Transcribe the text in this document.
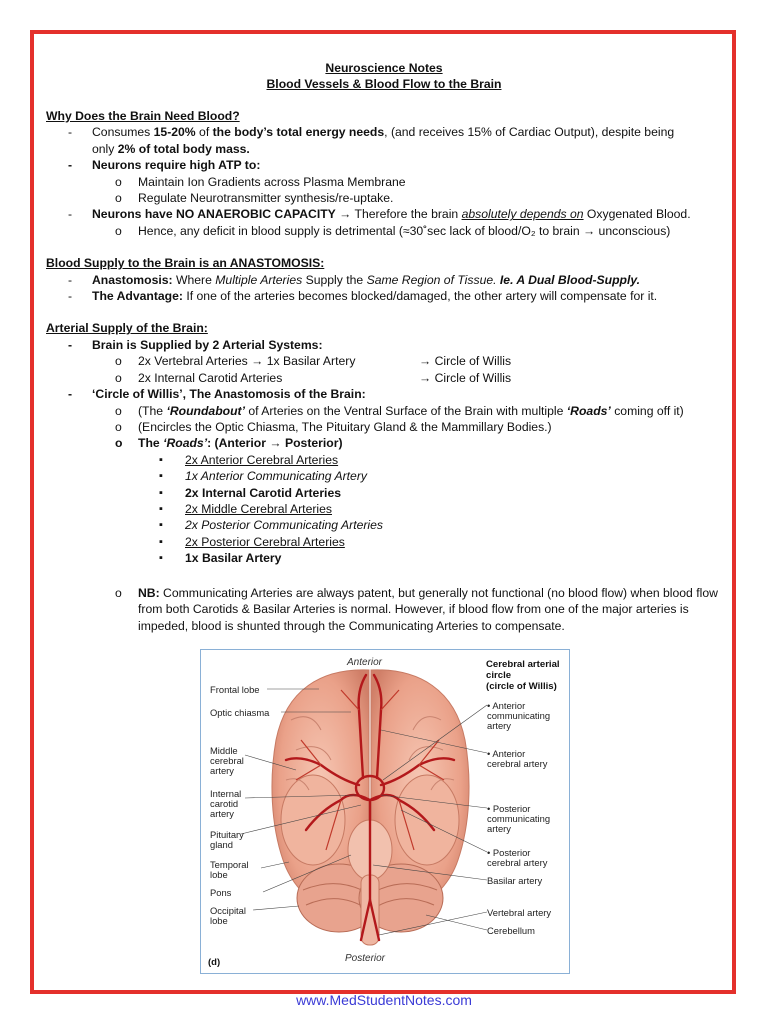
Neuroscience Notes
Blood Vessels & Blood Flow to the Brain
Why Does the Brain Need Blood?
- Consumes 15-20% of the body’s total energy needs, (and receives 15% of Cardiac Output), despite being
only 2% of total body mass.
- Neurons require high ATP to:
o Maintain Ion Gradients across Plasma Membrane
o Regulate Neurotransmitter synthesis/re-uptake.
- Neurons have NO ANAEROBIC CAPACITY → Therefore the brain absolutely depends on Oxygenated Blood.
o Hence, any deficit in blood supply is detrimental (≈30˚sec lack of blood/O₂ to brain → unconscious)
Blood Supply to the Brain is an ANASTOMOSIS:
- Anastomosis: Where Multiple Arteries Supply the Same Region of Tissue. Ie. A Dual Blood-Supply.
- The Advantage: If one of the arteries becomes blocked/damaged, the other artery will compensate for it.
Arterial Supply of the Brain:
- Brain is Supplied by 2 Arterial Systems:
o 2x Vertebral Arteries → 1x Basilar Artery	→ Circle of Willis
o 2x Internal Carotid Arteries	→ Circle of Willis
- ‘Circle of Willis’, The Anastomosis of the Brain:
o (The ‘Roundabout’ of Arteries on the Ventral Surface of the Brain with multiple ‘Roads’ coming off it)
o (Encircles the Optic Chiasma, The Pituitary Gland & the Mammillary Bodies.)
o The ‘Roads’: (Anterior → Posterior)
▪ 2x Anterior Cerebral Arteries
▪ 1x Anterior Communicating Artery
▪ 2x Internal Carotid Arteries
▪ 2x Middle Cerebral Arteries
▪ 2x Posterior Communicating Arteries
▪ 2x Posterior Cerebral Arteries
▪ 1x Basilar Artery
o NB: Communicating Arteries are always patent, but generally not functional (no blood flow) when blood flow from both Carotids & Basilar Arteries is normal. However, if blood flow from one of the major arteries is impeded, blood is shunted through the Communicating Arteries to compensate.
Anterior
Posterior
(d)
Cerebral arterial
circle
(circle of Willis)
Frontal lobe
Optic chiasma
Middle
cerebral
artery
Internal
carotid
artery
Pituitary
gland
Temporal
lobe
Pons
Occipital
lobe
• Anterior
communicating
artery
• Anterior
cerebral artery
• Posterior
communicating
artery
• Posterior
cerebral artery
Basilar artery
Vertebral artery
Cerebellum
www.MedStudentNotes.com
